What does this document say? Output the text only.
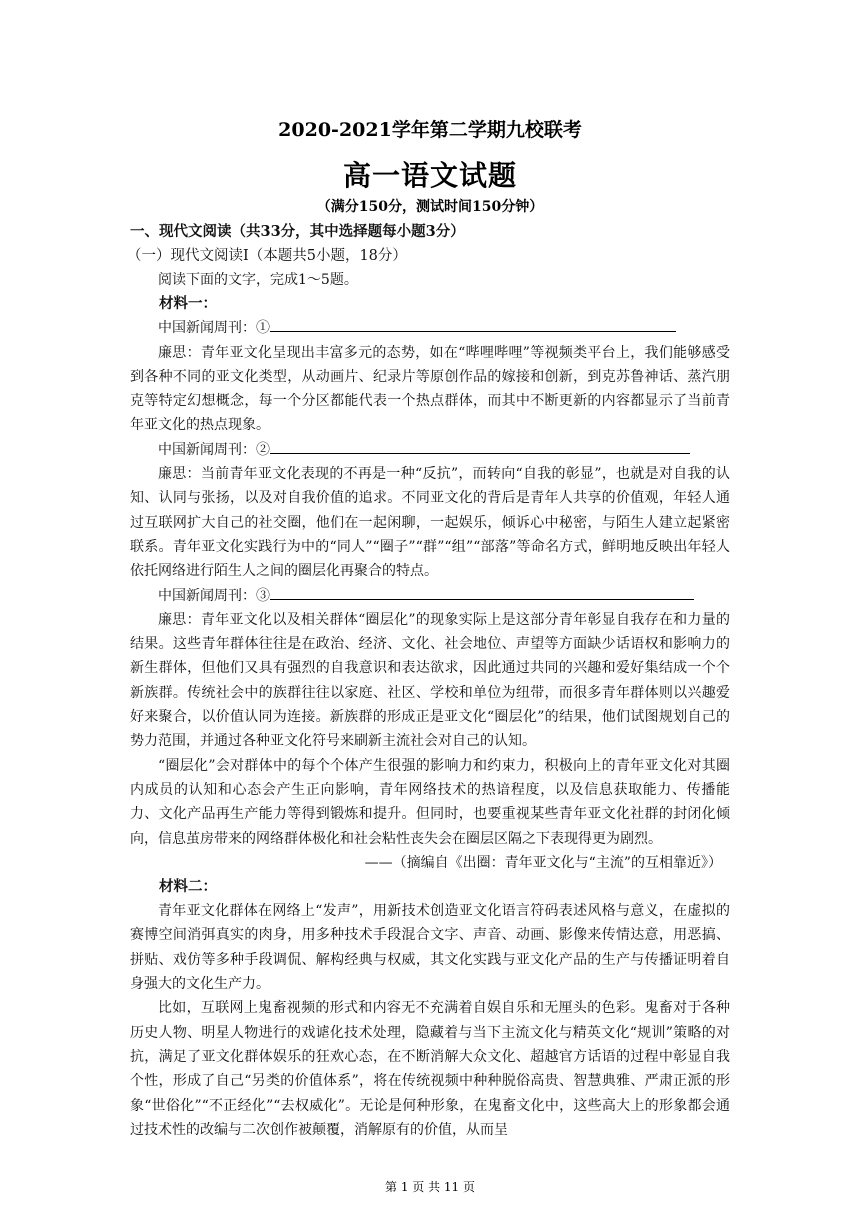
2020-2021学年第二学期九校联考
高一语文试题
（满分150分，测试时间150分钟）
一、现代文阅读（共33分，其中选择题每小题3分）
（一）现代文阅读Ⅰ（本题共5小题，18分）

阅读下面的文字，完成1～5题。

材料一：

中国新闻周刊：①

廉思：青年亚文化呈现出丰富多元的态势，如在“哔哩哔哩”等视频类平台上，我们能够感受到各种不同的亚文化类型，从动画片、纪录片等原创作品的嫁接和创新，到克苏鲁神话、蒸汽朋克等特定幻想概念，每一个分区都能代表一个热点群体，而其中不断更新的内容都显示了当前青年亚文化的热点现象。

中国新闻周刊：②

廉思：当前青年亚文化表现的不再是一种“反抗”，而转向“自我的彰显”，也就是对自我的认知、认同与张扬，以及对自我价值的追求。不同亚文化的背后是青年人共享的价值观，年轻人通过互联网扩大自己的社交圈，他们在一起闲聊，一起娱乐，倾诉心中秘密，与陌生人建立起紧密联系。青年亚文化实践行为中的“同人”“圈子”“群”“组”“部落”等命名方式，鲜明地反映出年轻人依托网络进行陌生人之间的圈层化再聚合的特点。

中国新闻周刊：③

廉思：青年亚文化以及相关群体“圈层化”的现象实际上是这部分青年彰显自我存在和力量的结果。这些青年群体往往是在政治、经济、文化、社会地位、声望等方面缺少话语权和影响力的新生群体，但他们又具有强烈的自我意识和表达欲求，因此通过共同的兴趣和爱好集结成一个个新族群。传统社会中的族群往往以家庭、社区、学校和单位为纽带，而很多青年群体则以兴趣爱好来聚合，以价值认同为连接。新族群的形成正是亚文化“圈层化”的结果，他们试图规划自己的势力范围，并通过各种亚文化符号来刷新主流社会对自己的认知。

“圈层化”会对群体中的每个个体产生很强的影响力和约束力，积极向上的青年亚文化对其圈内成员的认知和心态会产生正向影响，青年网络技术的热谙程度，以及信息获取能力、传播能力、文化产品再生产能力等得到锻炼和提升。但同时，也要重视某些青年亚文化社群的封闭化倾向，信息茧房带来的网络群体极化和社会粘性丧失会在圈层区隔之下表现得更为剧烈。

——（摘编自《出圈：青年亚文化与“主流”的互相靠近》）

材料二：

青年亚文化群体在网络上“发声”，用新技术创造亚文化语言符码表述风格与意义，在虚拟的赛博空间消弭真实的肉身，用多种技术手段混合文字、声音、动画、影像来传情达意，用恶搞、拼贴、戏仿等多种手段调侃、解构经典与权威，其文化实践与亚文化产品的生产与传播证明着自身强大的文化生产力。

比如，互联网上鬼畜视频的形式和内容无不充满着自娱自乐和无厘头的色彩。鬼畜对于各种历史人物、明星人物进行的戏谑化技术处理，隐藏着与当下主流文化与精英文化“规训”策略的对抗，满足了亚文化群体娱乐的狂欢心态，在不断消解大众文化、超越官方话语的过程中彰显自我个性，形成了自己“另类的价值体系”，将在传统视频中种种脱俗高贵、智慧典雅、严肃正派的形象“世俗化”“不正经化”“去权威化”。无论是何种形象，在鬼畜文化中，这些高大上的形象都会通过技术性的改编与二次创作被颠覆，消解原有的价值，从而呈

第 1 页 共 11 页
